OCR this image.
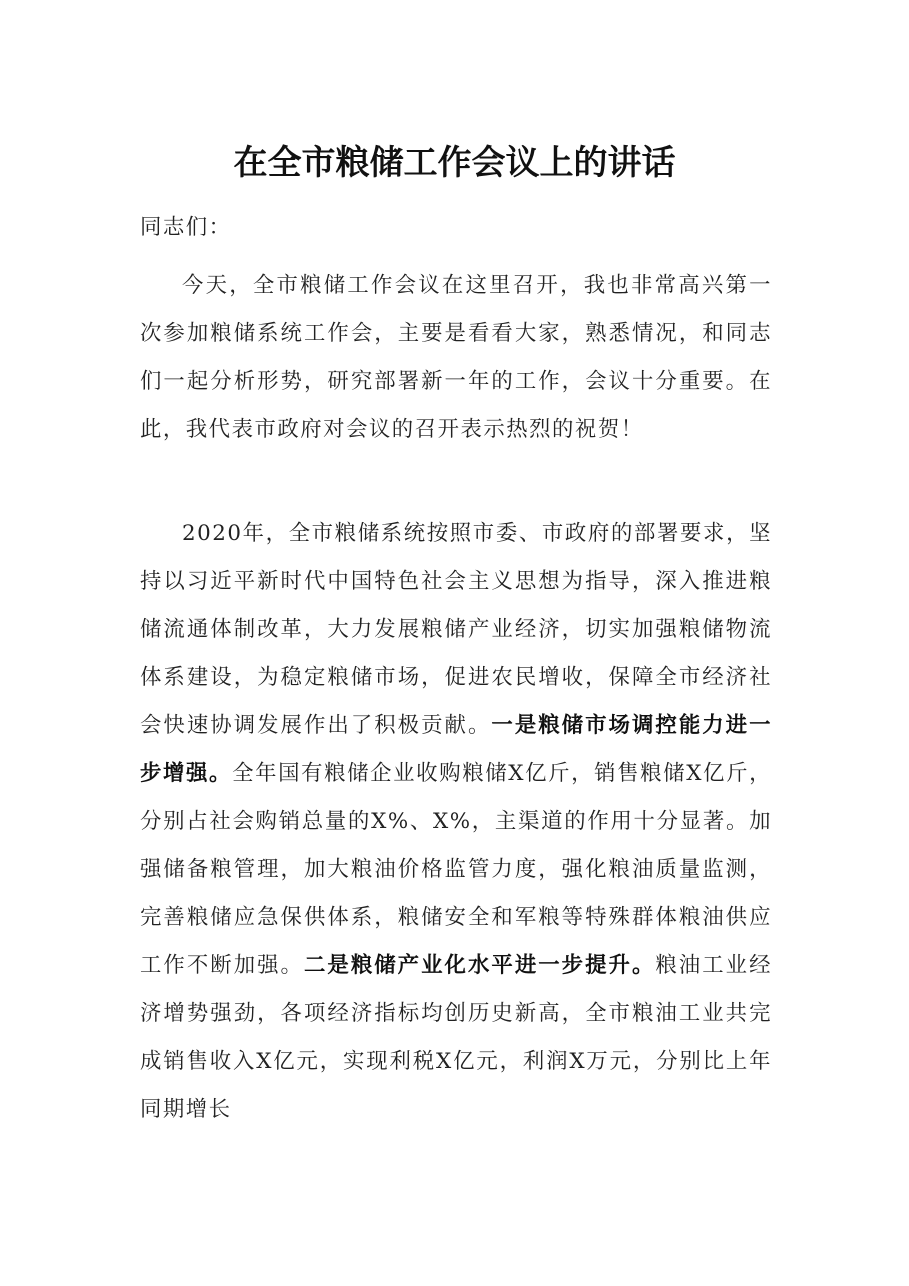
在全市粮储工作会议上的讲话

同志们：

今天，全市粮储工作会议在这里召开，我也非常高兴第一次参加粮储系统工作会，主要是看看大家，熟悉情况，和同志们一起分析形势，研究部署新一年的工作，会议十分重要。在此，我代表市政府对会议的召开表示热烈的祝贺！

2020年，全市粮储系统按照市委、市政府的部署要求，坚持以习近平新时代中国特色社会主义思想为指导，深入推进粮储流通体制改革，大力发展粮储产业经济，切实加强粮储物流体系建设，为稳定粮储市场，促进农民增收，保障全市经济社会快速协调发展作出了积极贡献。一是粮储市场调控能力进一步增强。全年国有粮储企业收购粮储X亿斤，销售粮储X亿斤，分别占社会购销总量的X%、X%，主渠道的作用十分显著。加强储备粮管理，加大粮油价格监管力度，强化粮油质量监测，完善粮储应急保供体系，粮储安全和军粮等特殊群体粮油供应工作不断加强。二是粮储产业化水平进一步提升。粮油工业经济增势强劲，各项经济指标均创历史新高，全市粮油工业共完成销售收入X亿元，实现利税X亿元，利润X万元，分别比上年同期增长
